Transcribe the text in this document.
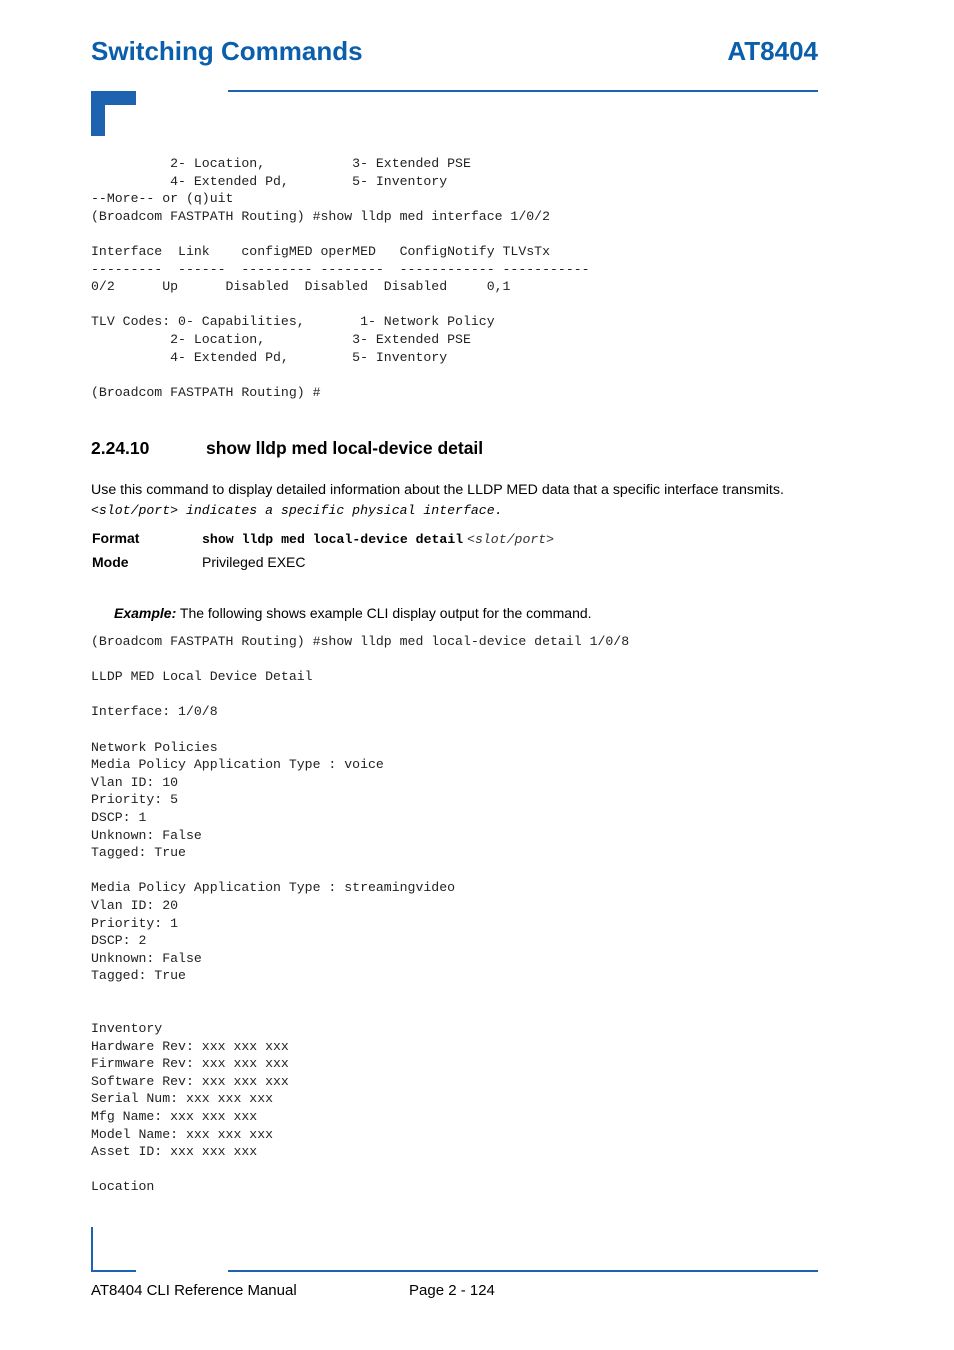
Switching Commands	AT8404
2- Location,           3- Extended PSE
4- Extended Pd,        5- Inventory
--More-- or (q)uit
(Broadcom FASTPATH Routing) #show lldp med interface 1/0/2

Interface  Link    configMED operMED   ConfigNotify TLVsTx
---------  ------  --------- --------  ------------ -----------
0/2      Up      Disabled  Disabled  Disabled     0,1

TLV Codes: 0- Capabilities,       1- Network Policy
2- Location,           3- Extended PSE
4- Extended Pd,        5- Inventory

(Broadcom FASTPATH Routing) #
2.24.10	show lldp med local-device detail
Use this command to display detailed information about the LLDP MED data that a specific interface transmits.
<slot/port> indicates a specific physical interface.
Format	show lldp med local-device detail <slot/port>
Mode	Privileged EXEC
Example: The following shows example CLI display output for the command.
(Broadcom FASTPATH Routing) #show lldp med local-device detail 1/0/8

LLDP MED Local Device Detail

Interface: 1/0/8

Network Policies
Media Policy Application Type : voice
Vlan ID: 10
Priority: 5
DSCP: 1
Unknown: False
Tagged: True

Media Policy Application Type : streamingvideo
Vlan ID: 20
Priority: 1
DSCP: 2
Unknown: False
Tagged: True

Inventory
Hardware Rev: xxx xxx xxx
Firmware Rev: xxx xxx xxx
Software Rev: xxx xxx xxx
Serial Num: xxx xxx xxx
Mfg Name: xxx xxx xxx
Model Name: xxx xxx xxx
Asset ID: xxx xxx xxx

Location
AT8404 CLI Reference Manual	Page 2 - 124
